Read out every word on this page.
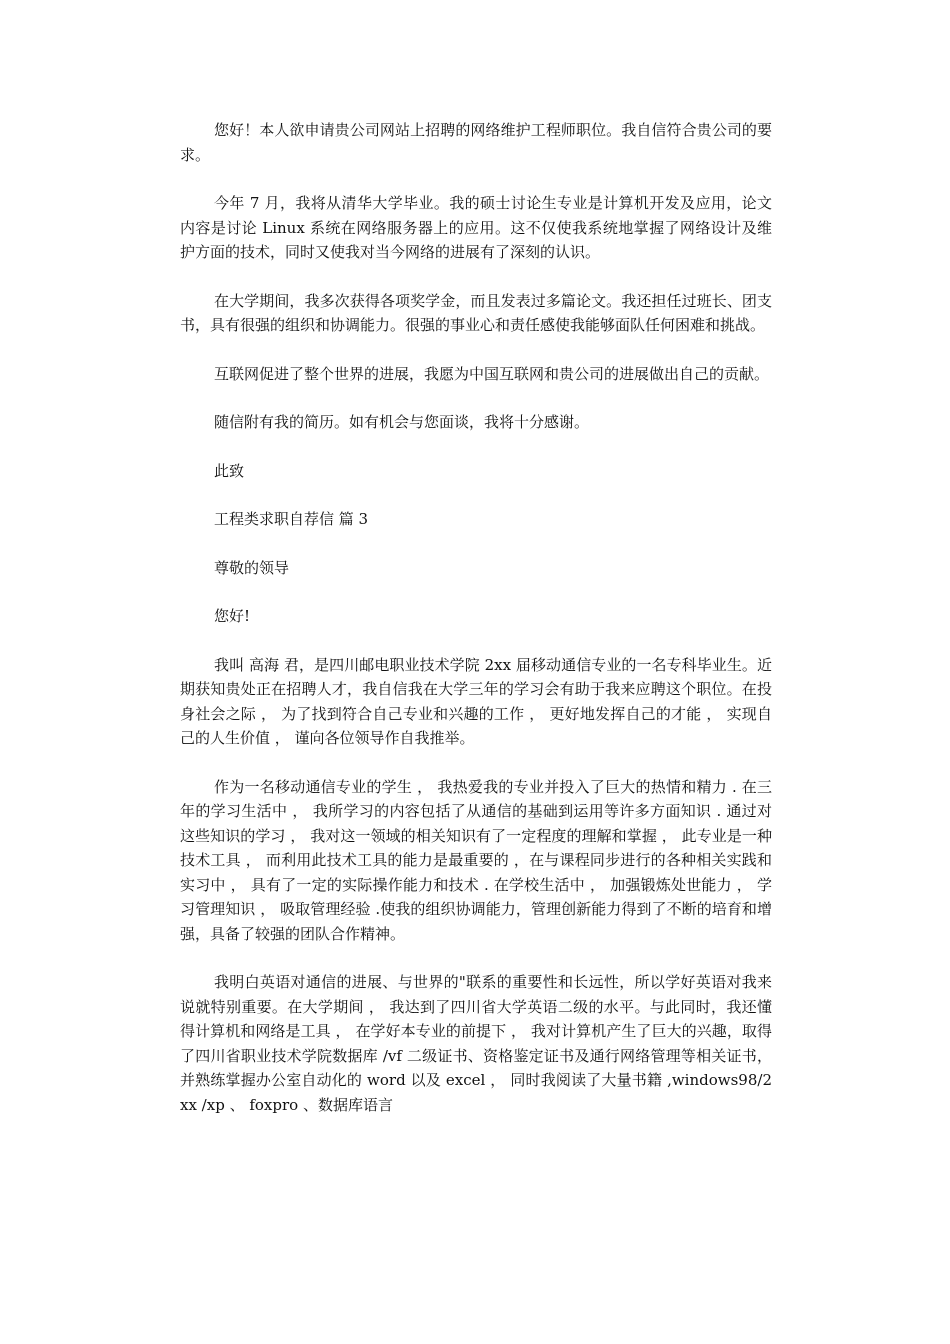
您好！本人欲申请贵公司网站上招聘的网络维护工程师职位。我自信符合贵公司的要求。

今年 7 月，我将从清华大学毕业。我的硕士讨论生专业是计算机开发及应用，论文内容是讨论 Linux 系统在网络服务器上的应用。这不仅使我系统地掌握了网络设计及维护方面的技术，同时又使我对当今网络的进展有了深刻的认识。

在大学期间，我多次获得各项奖学金，而且发表过多篇论文。我还担任过班长、团支书，具有很强的组织和协调能力。很强的事业心和责任感使我能够面队任何困难和挑战。

互联网促进了整个世界的进展，我愿为中国互联网和贵公司的进展做出自己的贡献。

随信附有我的简历。如有机会与您面谈，我将十分感谢。

此致

工程类求职自荐信 篇 3

尊敬的领导

您好!

我叫 高海 君，是四川邮电职业技术学院 2xx 届移动通信专业的一名专科毕业生。近期获知贵处正在招聘人才，我自信我在大学三年的学习会有助于我来应聘这个职位。在投身社会之际 ， 为了找到符合自己专业和兴趣的工作 ， 更好地发挥自己的才能 ， 实现自己的人生价值 ， 谨向各位领导作自我推举。

作为一名移动通信专业的学生 ， 我热爱我的专业并投入了巨大的热情和精力 . 在三年的学习生活中 ， 我所学习的内容包括了从通信的基础到运用等许多方面知识 . 通过对这些知识的学习 ， 我对这一领域的相关知识有了一定程度的理解和掌握 ， 此专业是一种技术工具 ， 而利用此技术工具的能力是最重要的 ，在与课程同步进行的各种相关实践和实习中 ， 具有了一定的实际操作能力和技术 . 在学校生活中 ， 加强锻炼处世能力 ， 学习管理知识 ， 吸取管理经验 .使我的组织协调能力，管理创新能力得到了不断的培育和增强，具备了较强的团队合作精神。

我明白英语对通信的进展、与世界的"联系的重要性和长远性，所以学好英语对我来说就特别重要。在大学期间 ， 我达到了四川省大学英语二级的水平。与此同时，我还懂得计算机和网络是工具 ， 在学好本专业的前提下 ， 我对计算机产生了巨大的兴趣，取得了四川省职业技术学院数据库 /vf 二级证书、资格鉴定证书及通行网络管理等相关证书，并熟练掌握办公室自动化的 word 以及 excel ， 同时我阅读了大量书籍 ,windows98/2xx /xp 、 foxpro 、数据库语言
